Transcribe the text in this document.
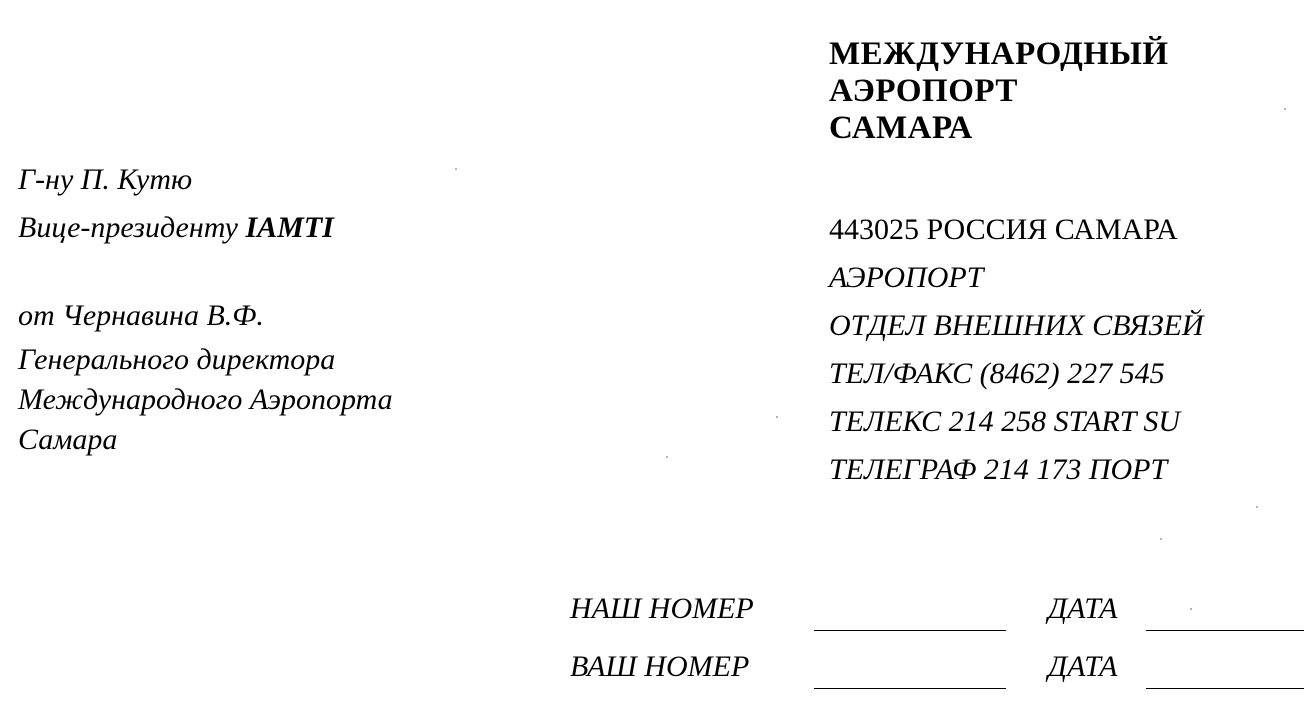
МЕЖДУНАРОДНЫЙ
АЭРОПОРТ
САМАРА
Г-ну П. Кутю
Вице-президенту IAMTI
от Чернавина В.Ф.
Генерального директора
Международного Аэропорта
Самара
443025 РОССИЯ САМАРА
АЭРОПОРТ
ОТДЕЛ ВНЕШНИХ СВЯЗЕЙ
ТЕЛ/ФАКС (8462) 227 545
ТЕЛЕКС 214 258 START SU
ТЕЛЕГРАФ 214 173 ПОРТ
НАШ НОМЕР	ДАТА
ВАШ НОМЕР	ДАТА
